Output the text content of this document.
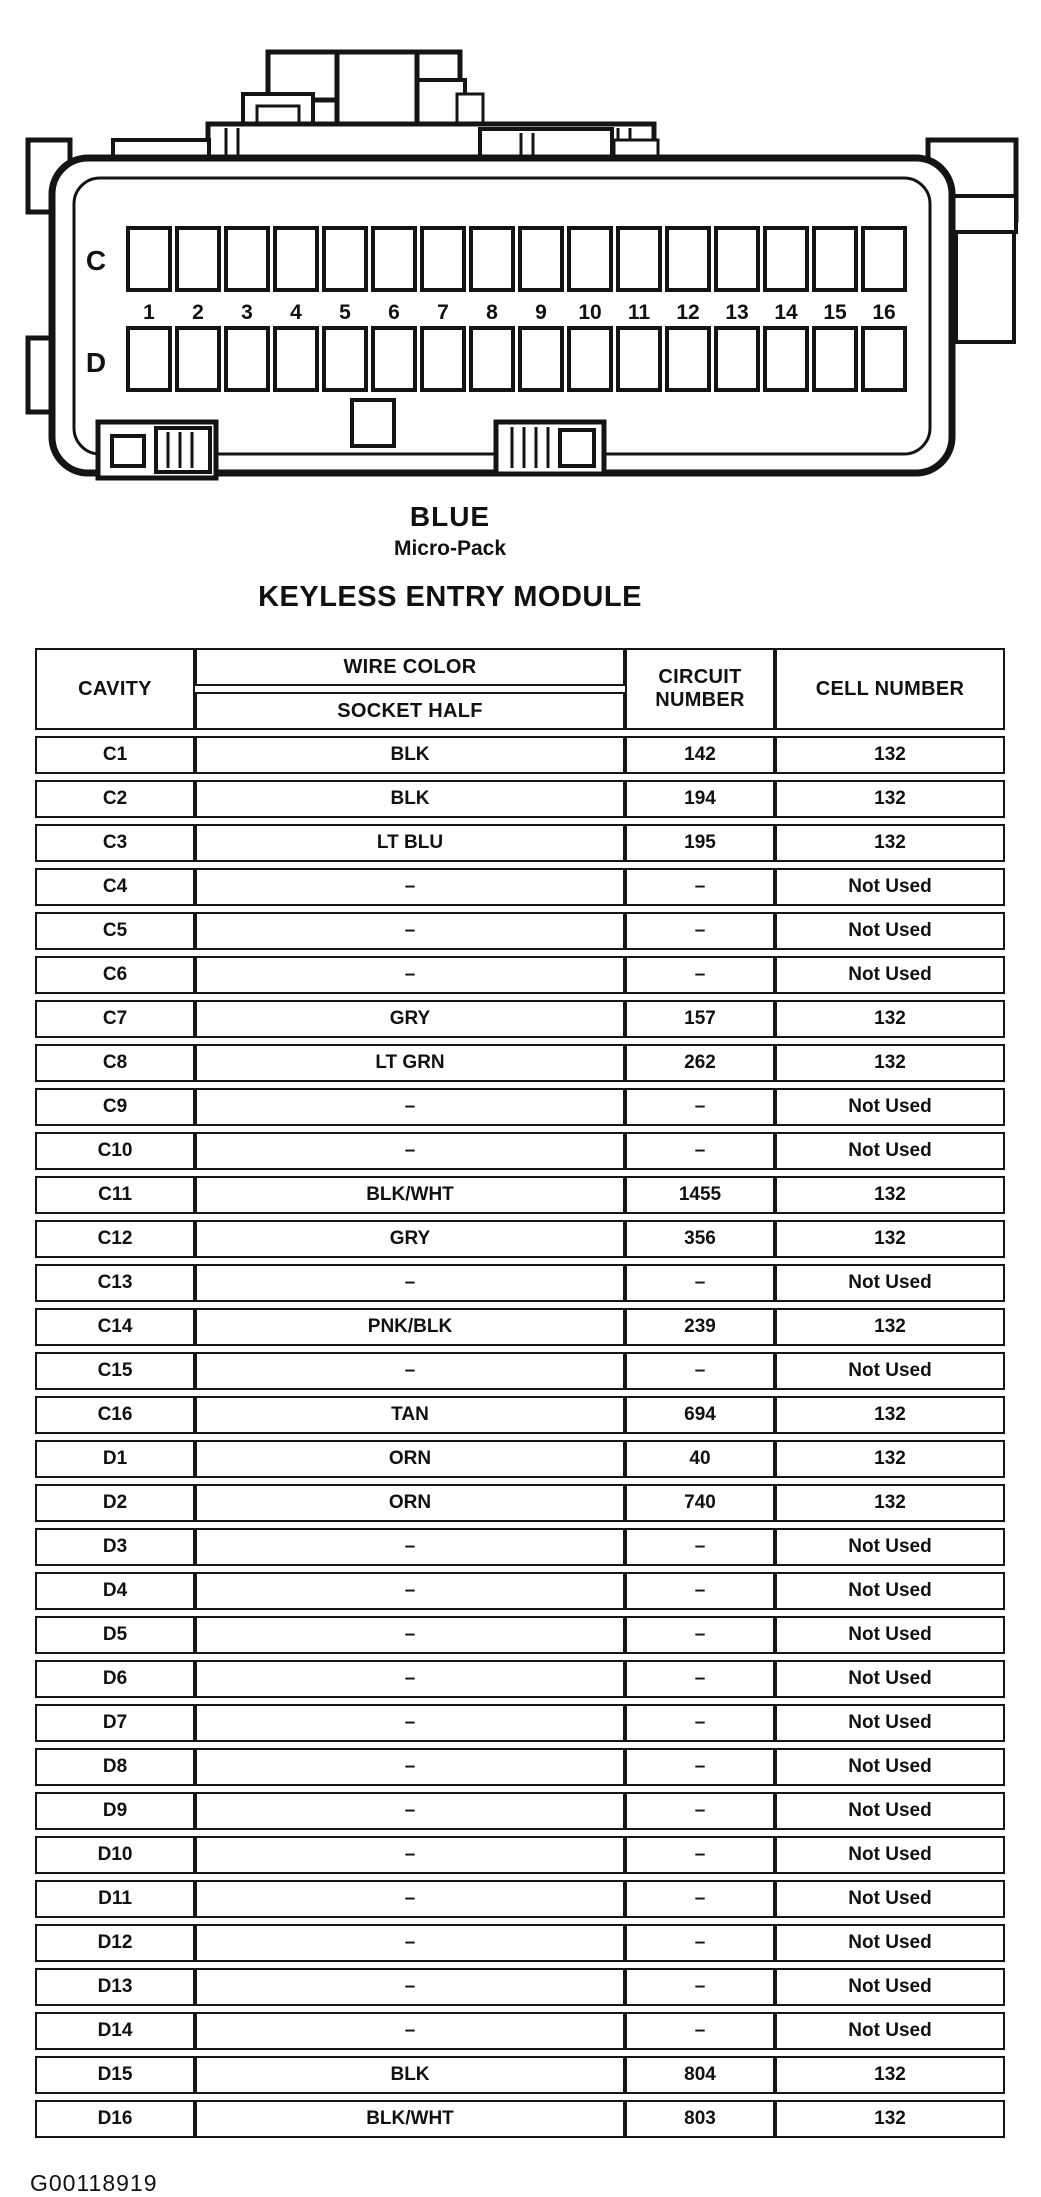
1 2 3 4 5 6 7 8 9 10 11 12 13 14 15 16
C
D
BLUE
Micro-Pack
KEYLESS ENTRY MODULE
CAVITY	WIRE COLOR	CIRCUIT NUMBER	CELL NUMBER
	SOCKET HALF		
C1	BLK	142	132
C2	BLK	194	132
C3	LT BLU	195	132
C4	–	–	Not Used
C5	–	–	Not Used
C6	–	–	Not Used
C7	GRY	157	132
C8	LT GRN	262	132
C9	–	–	Not Used
C10	–	–	Not Used
C11	BLK/WHT	1455	132
C12	GRY	356	132
C13	–	–	Not Used
C14	PNK/BLK	239	132
C15	–	–	Not Used
C16	TAN	694	132
D1	ORN	40	132
D2	ORN	740	132
D3	–	–	Not Used
D4	–	–	Not Used
D5	–	–	Not Used
D6	–	–	Not Used
D7	–	–	Not Used
D8	–	–	Not Used
D9	–	–	Not Used
D10	–	–	Not Used
D11	–	–	Not Used
D12	–	–	Not Used
D13	–	–	Not Used
D14	–	–	Not Used
D15	BLK	804	132
D16	BLK/WHT	803	132
G00118919
